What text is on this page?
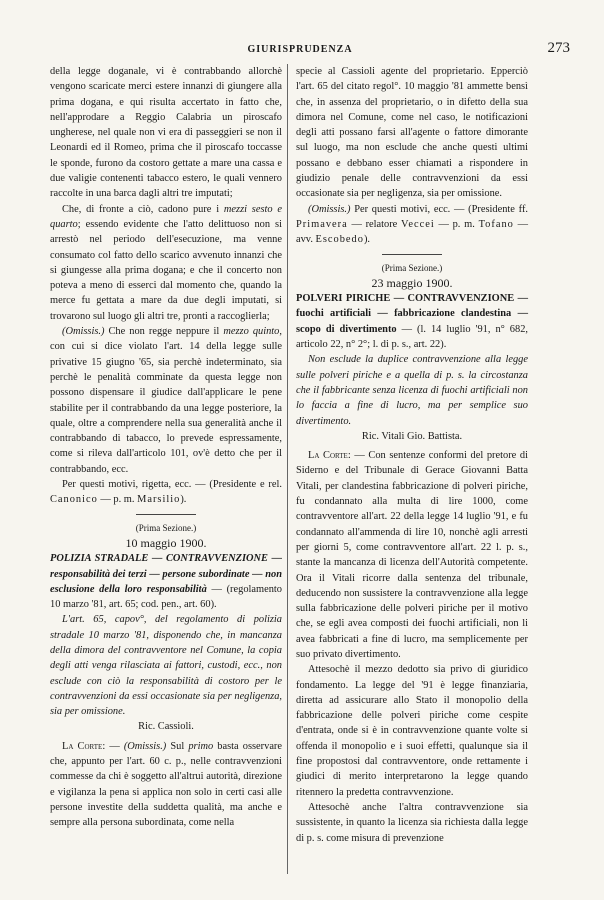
GIURISPRUDENZA	273

della legge doganale, vi è contrabbando allorchè vengono scaricate merci estere innanzi di giungere alla prima dogana, e qui risulta accertato in fatto che, nell'approdare a Reggio Calabria un piroscafo ungherese, nel quale non vi era di passeggieri se non il Leonardi ed il Romeo, prima che il piroscafo toccasse le sponde, furono da costoro gettate a mare una cassa e due valigie contenenti tabacco estero, le quali vennero raccolte in una barca dagli altri tre imputati;

Che, di fronte a ciò, cadono pure i mezzi sesto e quarto; essendo evidente che l'atto delittuoso non si arrestò nel periodo dell'esecuzione, ma venne consumato col fatto dello scarico avvenuto innanzi che si giungesse alla prima dogana; e che il concerto non poteva a meno di esserci dal momento che, quando la merce fu gettata a mare da due degli imputati, si trovarono sul luogo gli altri tre, pronti a raccoglierla;

(Omissis.) Che non regge neppure il mezzo quinto, con cui si dice violato l'art. 14 della legge sulle privative 15 giugno '65, sia perchè indeterminato, sia perchè le penalità comminate da questa legge non possono dispensare il giudice dall'applicare le pene stabilite per il contrabbando da una legge posteriore, la quale, oltre a comprendere nella sua generalità anche il contrabbando di tabacco, lo prevede espressamente, come si rileva dall'articolo 101, ov'è detto che per il contrabbando, ecc.

Per questi motivi, rigetta, ecc. — (Presidente e rel. Canonico — p. m. Marsilio).

(Prima Sezione.)

10 maggio 1900.

POLIZIA STRADALE — CONTRAVVENZIONE — responsabilità dei terzi — persone subordinate — non esclusione della loro responsabilità — (regolamento 10 marzo '81, art. 65; cod. pen., art. 60).

L'art. 65, capov°, del regolamento di polizia stradale 10 marzo '81, disponendo che, in mancanza della dimora del contravventore nel Comune, la copia degli atti venga rilasciata ai fattori, custodi, ecc., non esclude con ciò la responsabilità di costoro per le contravvenzioni da essi occasionate sia per negligenza, sia per omissione.

Ric. Cassioli.

La Corte: — (Omissis.) Sul primo basta osservare che, appunto per l'art. 60 c. p., nelle contravvenzioni commesse da chi è soggetto all'altrui autorità, direzione e vigilanza la pena si applica non solo in certi casi alle persone investite della suddetta qualità, ma anche e sempre alla persona subordinata, come nella

specie al Cassioli agente del proprietario. Eppercіò l'art. 65 del citato regol°. 10 maggio '81 ammette bensì che, in assenza del proprietario, o in difetto della sua dimora nel Comune, come nel caso, le notificazioni degli atti possano farsi all'agente o fattore dimorante sul luogo, ma non esclude che anche questi ultimi possano e debbano esser chiamati a rispondere in giudizio penale delle contravvenzioni da essi occasionate sia per negligenza, sia per omissione.

(Omissis.) Per questi motivi, ecc. — (Presidente ff. Primavera — relatore Veccei — p. m. Tofano — avv. Escobedo).

(Prima Sezione.)

23 maggio 1900.

POLVERI PIRICHE — CONTRAVVENZIONE — fuochi artificiali — fabbricazione clandestina — scopo di divertimento — (l. 14 luglio '91, n° 682, articolo 22, n° 2°; l. di p. s., art. 22).

Non esclude la duplice contravvenzione alla legge sulle polveri piriche e a quella di p. s. la circostanza che il fabbricante senza licenza di fuochi artificiali non lo faccia a fine di lucro, ma per semplice suo divertimento.

Ric. Vitali Gio. Battista.

La Corte: — Con sentenze conformi del pretore di Siderno e del Tribunale di Gerace Giovanni Batta Vitali, per clandestina fabbricazione di polveri piriche, fu condannato alla multa di lire 1000, come contravventore all'art. 22 della legge 14 luglio '91, e fu condannato all'ammenda di lire 10, nonchè agli arresti per giorni 5, come contravventore all'art. 22 l. p. s., stante la mancanza di licenza dell'Autorità competente. Ora il Vitali ricorre dalla sentenza del tribunale, deducendo non sussistere la contravvenzione alla legge sulla fabbricazione delle polveri piriche per il motivo che, se egli avea composti dei fuochi artificiali, non li avea fabbricati a fine di lucro, ma semplicemente per suo privato divertimento.

Attesochè il mezzo dedotto sia privo di giuridico fondamento. La legge del '91 è legge finanziaria, diretta ad assicurare allo Stato il monopolio della fabbricazione delle polveri piriche come cespite d'entrata, onde si è in contravvenzione quante volte si offenda il monopolio e i suoi effetti, qualunque sia il fine propostosi dal contravventore, onde rettamente i giudici di merito interpretarono la legge quando ritennero la predetta contravvenzione.

Attesochè anche l'altra contravvenzione sia sussistente, in quanto la licenza sia richiesta dalla legge di p. s. come misura di prevenzione
